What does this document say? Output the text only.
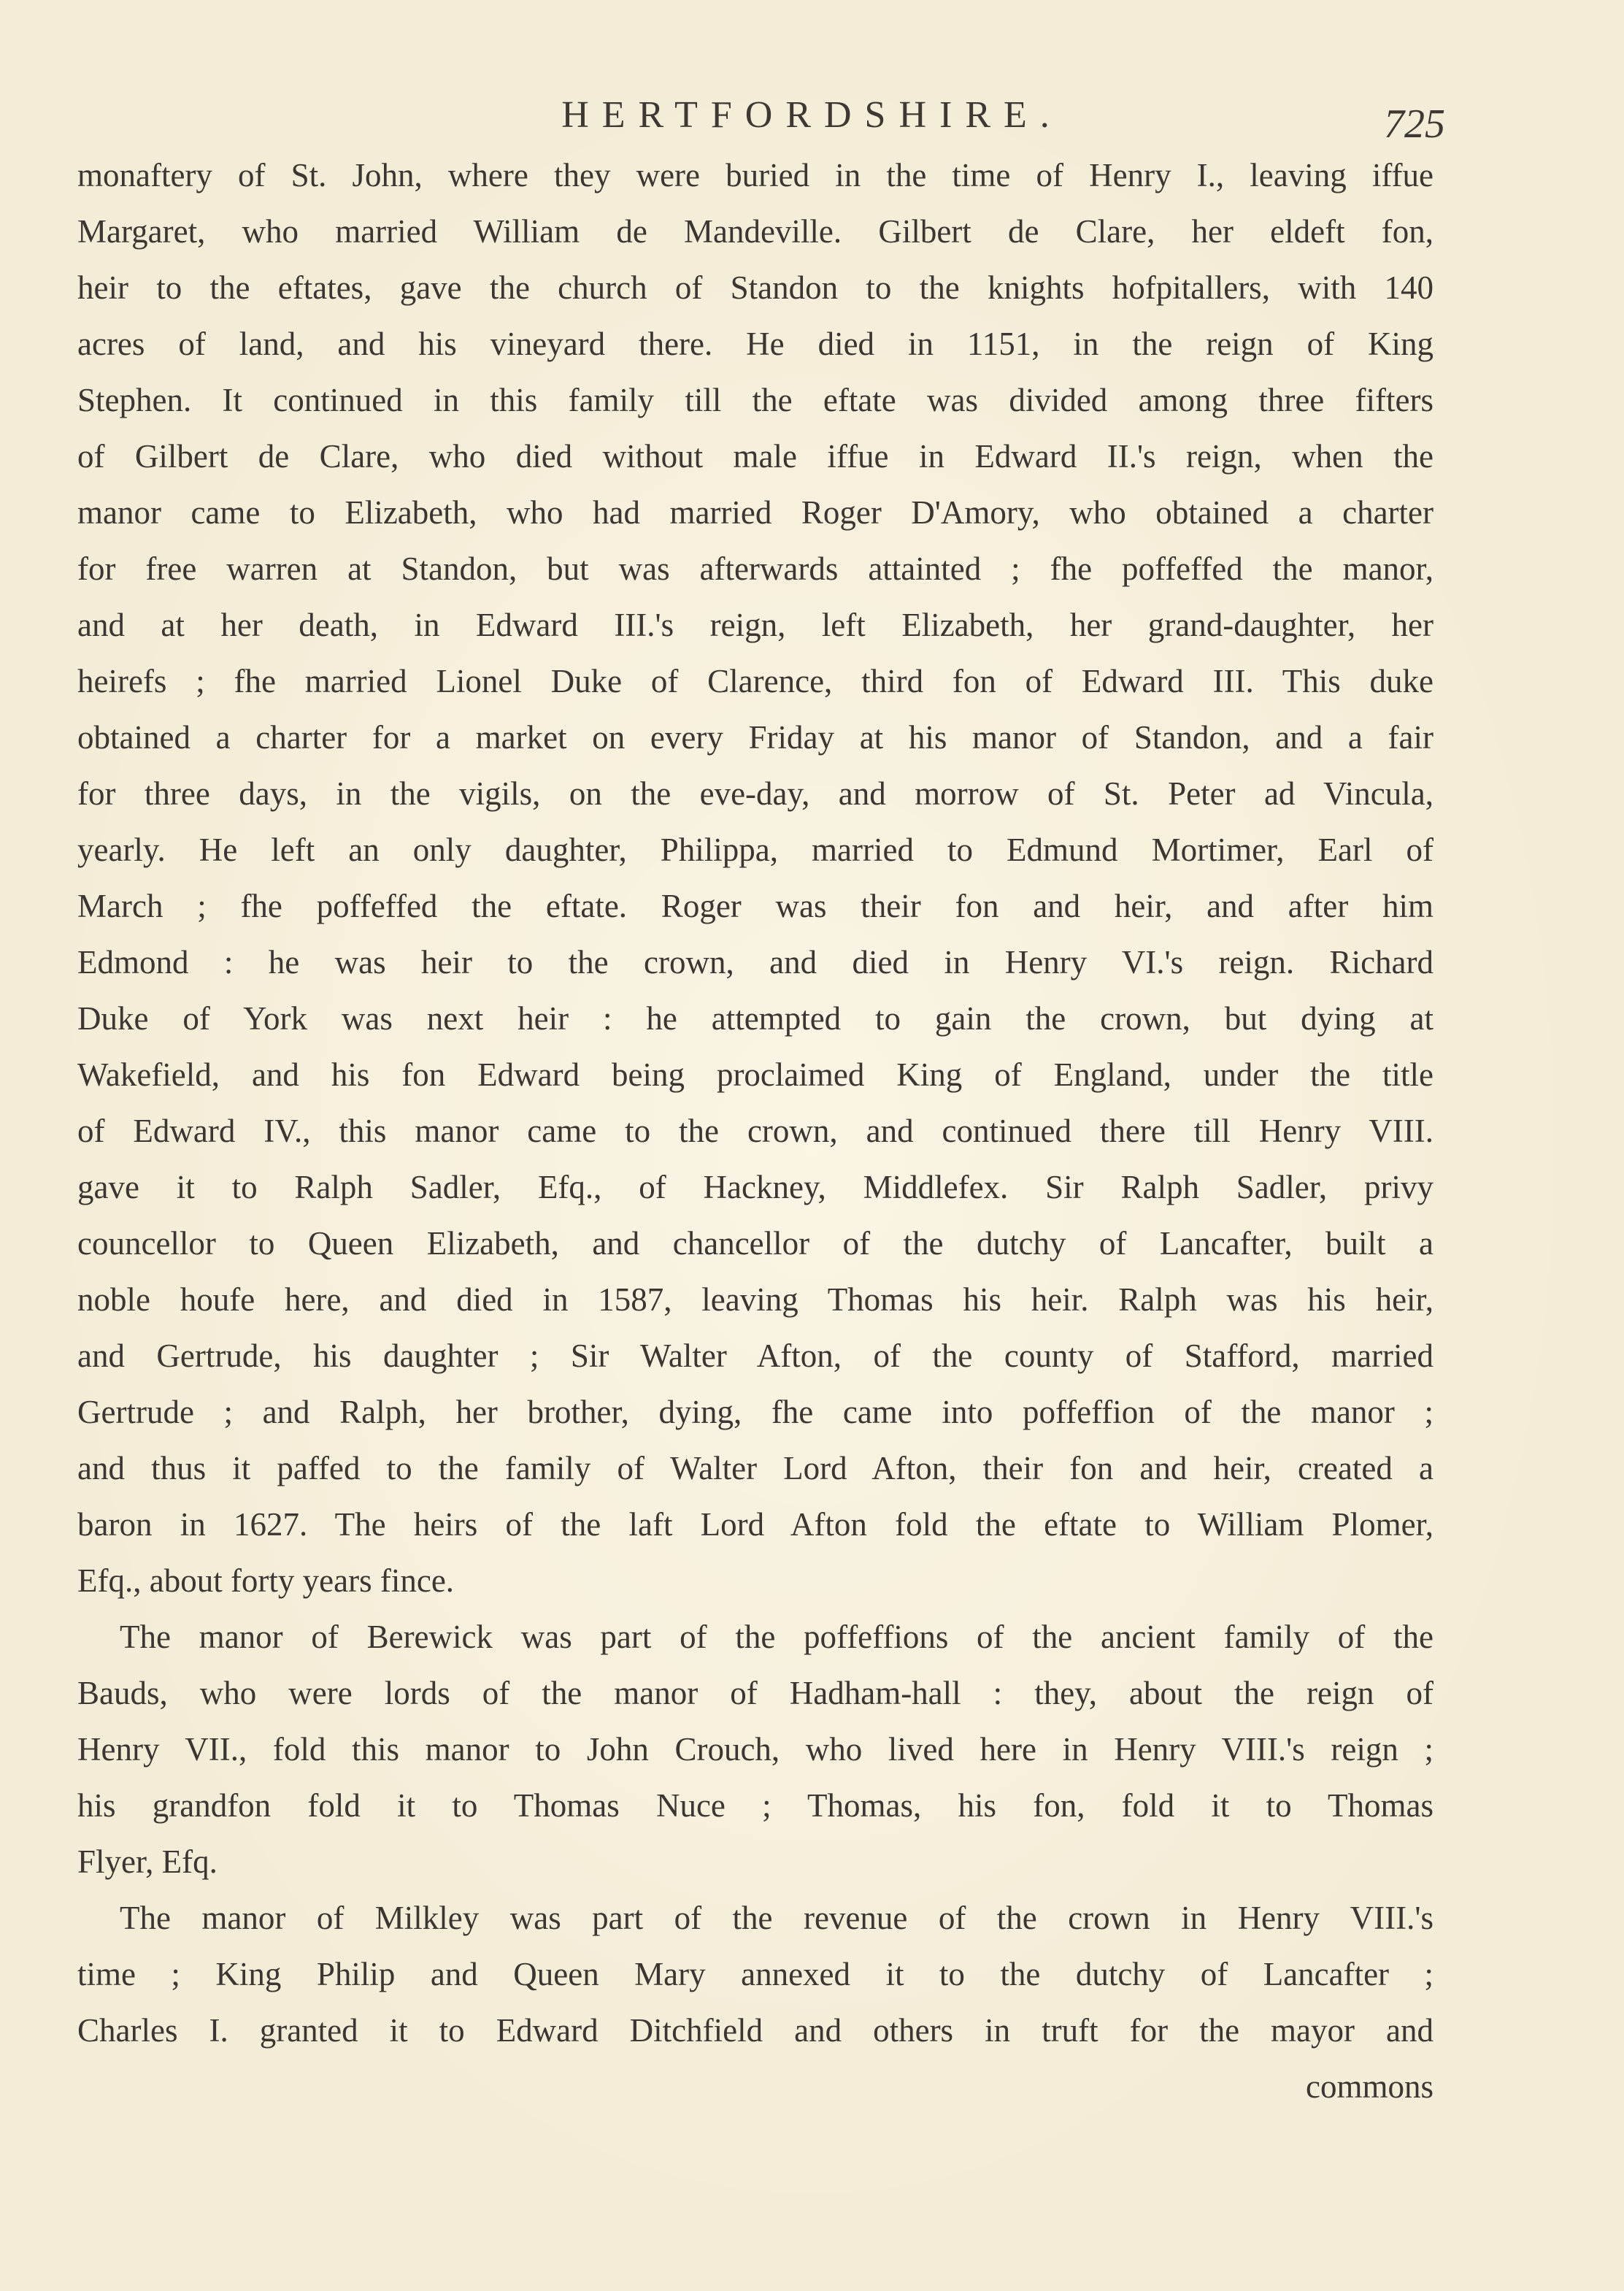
HERTFORDSHIRE.	725
monaftery of St. John, where they were buried in the time of Henry I., leaving iffue
Margaret, who married William de Mandeville. Gilbert de Clare, her eldeft fon,
heir to the eftates, gave the church of Standon to the knights hofpitallers, with 140
acres of land, and his vineyard there. He died in 1151, in the reign of King
Stephen. It continued in this family till the eftate was divided among three fifters
of Gilbert de Clare, who died without male iffue in Edward II.'s reign, when the
manor came to Elizabeth, who had married Roger D'Amory, who obtained a charter
for free warren at Standon, but was afterwards attainted ; fhe poffeffed the manor,
and at her death, in Edward III.'s reign, left Elizabeth, her grand-daughter, her
heirefs ; fhe married Lionel Duke of Clarence, third fon of Edward III. This duke
obtained a charter for a market on every Friday at his manor of Standon, and a fair
for three days, in the vigils, on the eve-day, and morrow of St. Peter ad Vincula,
yearly. He left an only daughter, Philippa, married to Edmund Mortimer, Earl of
March ; fhe poffeffed the eftate. Roger was their fon and heir, and after him
Edmond : he was heir to the crown, and died in Henry VI.'s reign. Richard
Duke of York was next heir : he attempted to gain the crown, but dying at
Wakefield, and his fon Edward being proclaimed King of England, under the title
of Edward IV., this manor came to the crown, and continued there till Henry VIII.
gave it to Ralph Sadler, Efq., of Hackney, Middlefex. Sir Ralph Sadler, privy
councellor to Queen Elizabeth, and chancellor of the dutchy of Lancafter, built a
noble houfe here, and died in 1587, leaving Thomas his heir. Ralph was his heir,
and Gertrude, his daughter ; Sir Walter Afton, of the county of Stafford, married
Gertrude ; and Ralph, her brother, dying, fhe came into poffeffion of the manor ;
and thus it paffed to the family of Walter Lord Afton, their fon and heir, created a
baron in 1627. The heirs of the laft Lord Afton fold the eftate to William Plomer,
Efq., about forty years fince.
The manor of Berewick was part of the poffeffions of the ancient family of the
Bauds, who were lords of the manor of Hadham-hall : they, about the reign of
Henry VII., fold this manor to John Crouch, who lived here in Henry VIII.'s reign ;
his grandfon fold it to Thomas Nuce ; Thomas, his fon, fold it to Thomas
Flyer, Efq.
The manor of Milkley was part of the revenue of the crown in Henry VIII.'s
time ; King Philip and Queen Mary annexed it to the dutchy of Lancafter ;
Charles I. granted it to Edward Ditchfield and others in truft for the mayor and
commons
